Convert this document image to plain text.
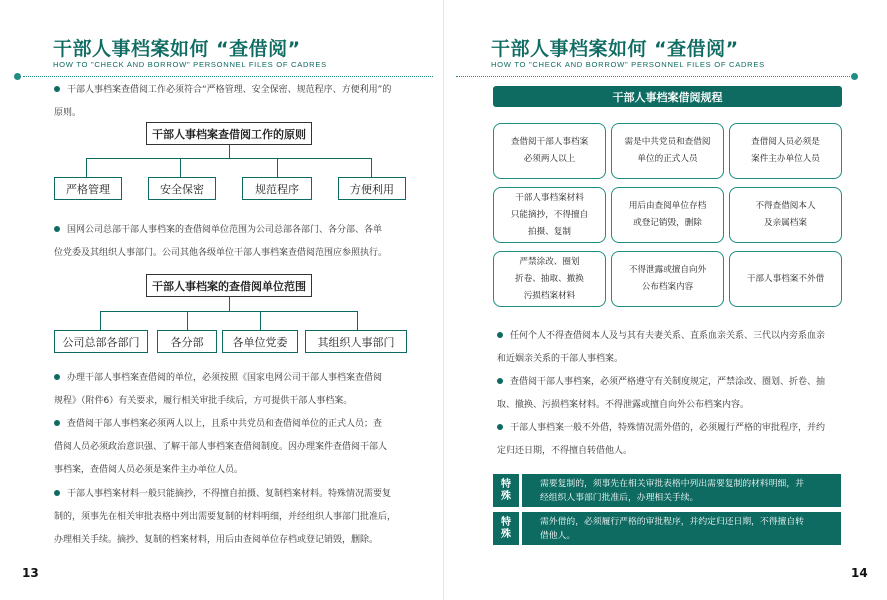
干部人事档案如何 “查借阅”
HOW TO "CHECK AND BORROW" PERSONNEL FILES OF CADRES
干部人事档案查借阅工作必须符合“严格管理、安全保密、规范程序、方便利用”的
原则。
干部人事档案查借阅工作的原则
严格管理	安全保密	规范程序	方便利用
国网公司总部干部人事档案的查借阅单位范围为公司总部各部门、各分部、各单
位党委及其组织人事部门。公司其他各级单位干部人事档案查借阅范围应参照执行。
干部人事档案的查借阅单位范围
公司总部各部门	各分部	各单位党委	其组织人事部门
办理干部人事档案查借阅的单位，必须按照《国家电网公司干部人事档案查借阅
规程》（附件6）有关要求，履行相关审批手续后，方可提供干部人事档案。
查借阅干部人事档案必须两人以上，且系中共党员和查借阅单位的正式人员；查
借阅人员必须政治意识强、了解干部人事档案查借阅制度。因办理案件查借阅干部人
事档案，查借阅人员必须是案件主办单位人员。
干部人事档案材料一般只能摘抄，不得擅自拍摄、复制档案材料。特殊情况需要复
制的，须事先在相关审批表格中列出需要复制的材料明细，并经组织人事部门批准后，
办理相关手续。摘抄、复制的档案材料，用后由查阅单位存档或登记销毁，删除。
13
干部人事档案如何 “查借阅”
HOW TO "CHECK AND BORROW" PERSONNEL FILES OF CADRES
干部人事档案借阅规程
查借阅干部人事档案
必须两人以上
需是中共党员和查借阅
单位的正式人员
查借阅人员必须是
案件主办单位人员
干部人事档案材料
只能摘抄，不得擅自
拍摄、复制
用后由查阅单位存档
或登记销毁，删除
不得查借阅本人
及亲属档案
严禁涂改、圈划
折卷、抽取、撤换
污损档案材料
不得泄露或擅自向外
公布档案内容
干部人事档案不外借
任何个人不得查借阅本人及与其有夫妻关系、直系血亲关系、三代以内旁系血亲
和近姻亲关系的干部人事档案。
查借阅干部人事档案，必须严格遵守有关制度规定，严禁涂改、圈划、折卷、抽
取、撤换、污损档案材料。不得泄露或擅自向外公布档案内容。
干部人事档案一般不外借，特殊情况需外借的，必须履行严格的审批程序，并约
定归还日期，不得擅自转借他人。
特
殊
需要复制的，须事先在相关审批表格中列出需要复制的材料明细，并
经组织人事部门批准后，办理相关手续。
特
殊
需外借的，必须履行严格的审批程序，并约定归还日期，不得擅自转
借他人。
14
